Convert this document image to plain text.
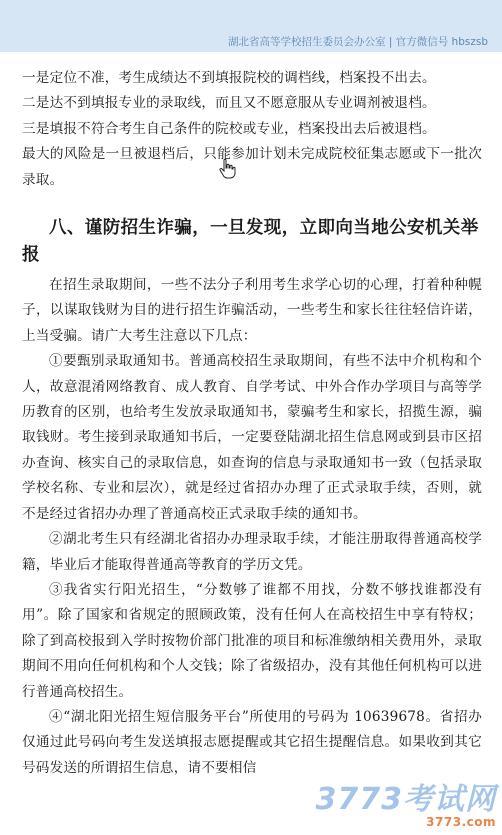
湖北省高等学校招生委员会办公室 | 官方微信号 hbszsb

一是定位不准，考生成绩达不到填报院校的调档线，档案投不出去。

二是达不到填报专业的录取线，而且又不愿意服从专业调剂被退档。

三是填报不符合考生自己条件的院校或专业，档案投出去后被退档。

最大的风险是一旦被退档后，只能参加计划未完成院校征集志愿或下一批次录取。

八、谨防招生诈骗，一旦发现，立即向当地公安机关举报

在招生录取期间，一些不法分子利用考生求学心切的心理，打着种种幌子，以谋取钱财为目的进行招生诈骗活动，一些考生和家长往往轻信许诺，上当受骗。请广大考生注意以下几点：

①要甄别录取通知书。普通高校招生录取期间，有些不法中介机构和个人，故意混淆网络教育、成人教育、自学考试、中外合作办学项目与高等学历教育的区别，也给考生发放录取通知书，蒙骗考生和家长，招揽生源，骗取钱财。考生接到录取通知书后，一定要登陆湖北招生信息网或到县市区招办查询、核实自己的录取信息，如查询的信息与录取通知书一致（包括录取学校名称、专业和层次），就是经过省招办办理了正式录取手续，否则，就不是经过省招办办理了普通高校正式录取手续的通知书。

②湖北考生只有经湖北省招办办理录取手续，才能注册取得普通高校学籍，毕业后才能取得普通高等教育的学历文凭。

③我省实行阳光招生，“分数够了谁都不用找，分数不够找谁都没有用”。除了国家和省规定的照顾政策，没有任何人在高校招生中享有特权；除了到高校报到入学时按物价部门批准的项目和标准缴纳相关费用外，录取期间不用向任何机构和个人交钱；除了省级招办，没有其他任何机构可以进行普通高校招生。

④“湖北阳光招生短信服务平台”所使用的号码为 10639678。省招办仅通过此号码向考生发送填报志愿提醒或其它招生提醒信息。如果收到其它号码发送的所谓招生信息，请不要相信

3773考试网
3773.com
